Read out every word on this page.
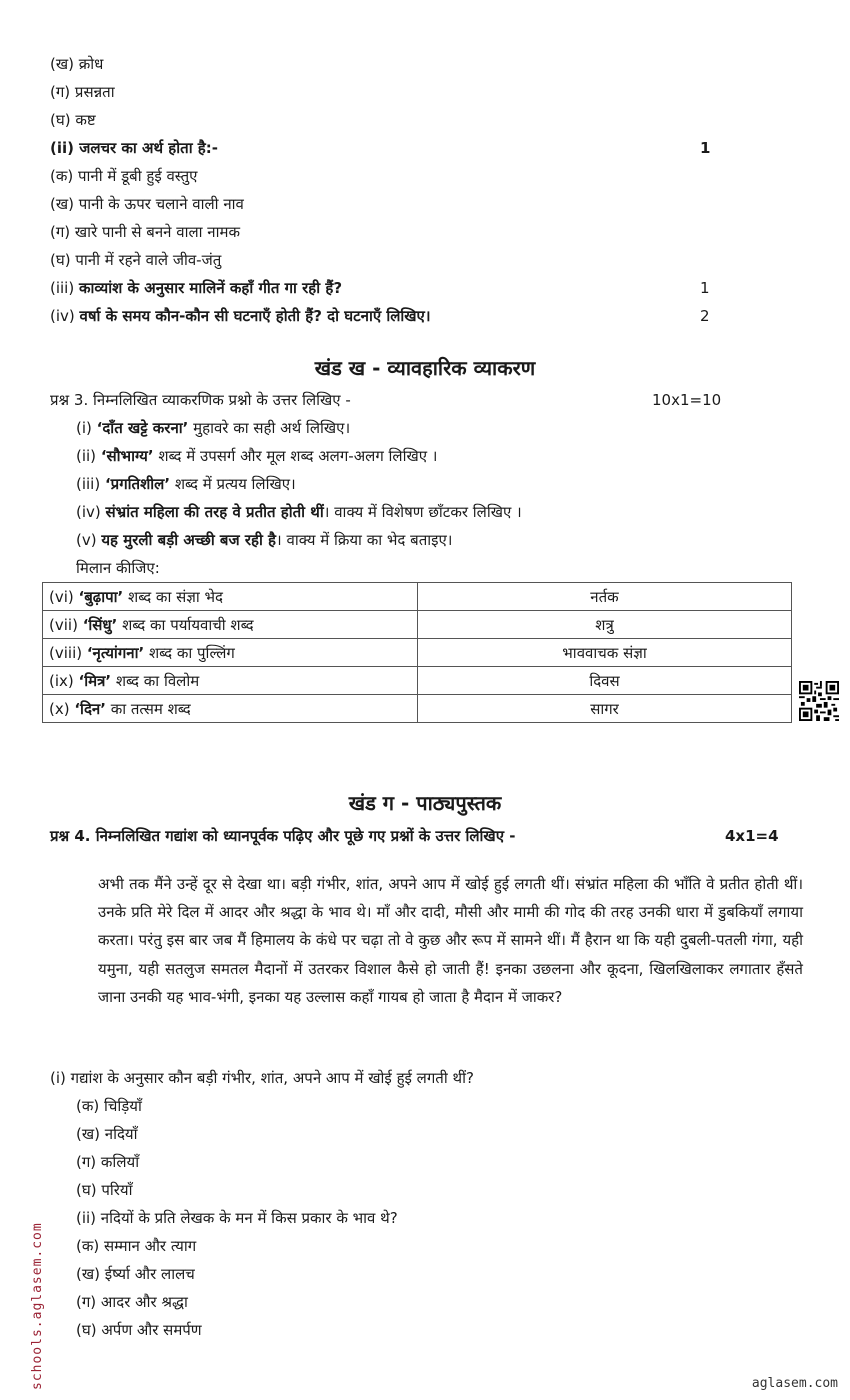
(ख) क्रोध
(ग) प्रसन्नता
(घ) कष्ट
(ii) जलचर का अर्थ होता है:-	1
(क) पानी में डूबी हुई वस्तुए
(ख) पानी के ऊपर चलाने वाली नाव
(ग) खारे पानी से बनने वाला नामक
(घ) पानी में रहने वाले जीव-जंतु
(iii) काव्यांश के अनुसार मालिनें कहाँ गीत गा रही हैं?	1
(iv) वर्षा के समय कौन-कौन सी घटनाएँ होती हैं? दो घटनाएँ लिखिए।	2
खंड ख - व्यावहारिक व्याकरण
प्रश्न 3. निम्नलिखित व्याकरणिक प्रश्नो के उत्तर लिखिए -	10x1=10
(i) ‘दाँत खट्टे करना’ मुहावरे का सही अर्थ लिखिए।
(ii) ‘सौभाग्य’ शब्द में उपसर्ग और मूल शब्द अलग-अलग लिखिए ।
(iii) ‘प्रगतिशील’ शब्द में प्रत्यय लिखिए।
(iv) संभ्रांत महिला की तरह वे प्रतीत होती थीं। वाक्य में विशेषण छाँटकर लिखिए ।
(v) यह मुरली बड़ी अच्छी बज रही है। वाक्य में क्रिया का भेद बताइए।
मिलान कीजिए:
(vi) ‘बुढ़ापा’ शब्द का संज्ञा भेद	नर्तक
(vii) ‘सिंधु’ शब्द का पर्यायवाची शब्द	शत्रु
(viii) ‘नृत्यांगना’ शब्द का पुल्लिंग	भाववाचक संज्ञा
(ix) ‘मित्र’ शब्द का विलोम	दिवस
(x) ‘दिन’ का तत्सम शब्द	सागर
खंड ग - पाठ्यपुस्तक
प्रश्न 4. निम्नलिखित गद्यांश को ध्यानपूर्वक पढ़िए और पूछे गए प्रश्नों के उत्तर लिखिए -	4x1=4
अभी तक मैंने उन्हें दूर से देखा था। बड़ी गंभीर, शांत, अपने आप में खोई हुई लगती थीं। संभ्रांत महिला की भाँति वे प्रतीत होती थीं। उनके प्रति मेरे दिल में आदर और श्रद्धा के भाव थे। माँ और दादी, मौसी और मामी की गोद की तरह उनकी धारा में डुबकियाँ लगाया करता। परंतु इस बार जब मैं हिमालय के कंधे पर चढ़ा तो वे कुछ और रूप में सामने थीं। मैं हैरान था कि यही दुबली-पतली गंगा, यही यमुना, यही सतलुज समतल मैदानों में उतरकर विशाल कैसे हो जाती हैं! इनका उछलना और कूदना, खिलखिलाकर लगातार हँसते जाना उनकी यह भाव-भंगी, इनका यह उल्लास कहाँ गायब हो जाता है मैदान में जाकर?
(i) गद्यांश के अनुसार कौन बड़ी गंभीर, शांत, अपने आप में खोई हुई लगती थीं?
(क) चिड़ियाँ
(ख) नदियाँ
(ग) कलियाँ
(घ) परियाँ
(ii) नदियों के प्रति लेखक के मन में किस प्रकार के भाव थे?
(क) सम्मान और त्याग
(ख) ईर्ष्या और लालच
(ग) आदर और श्रद्धा
(घ) अर्पण और समर्पण
schools.aglasem.com	aglasem.com
